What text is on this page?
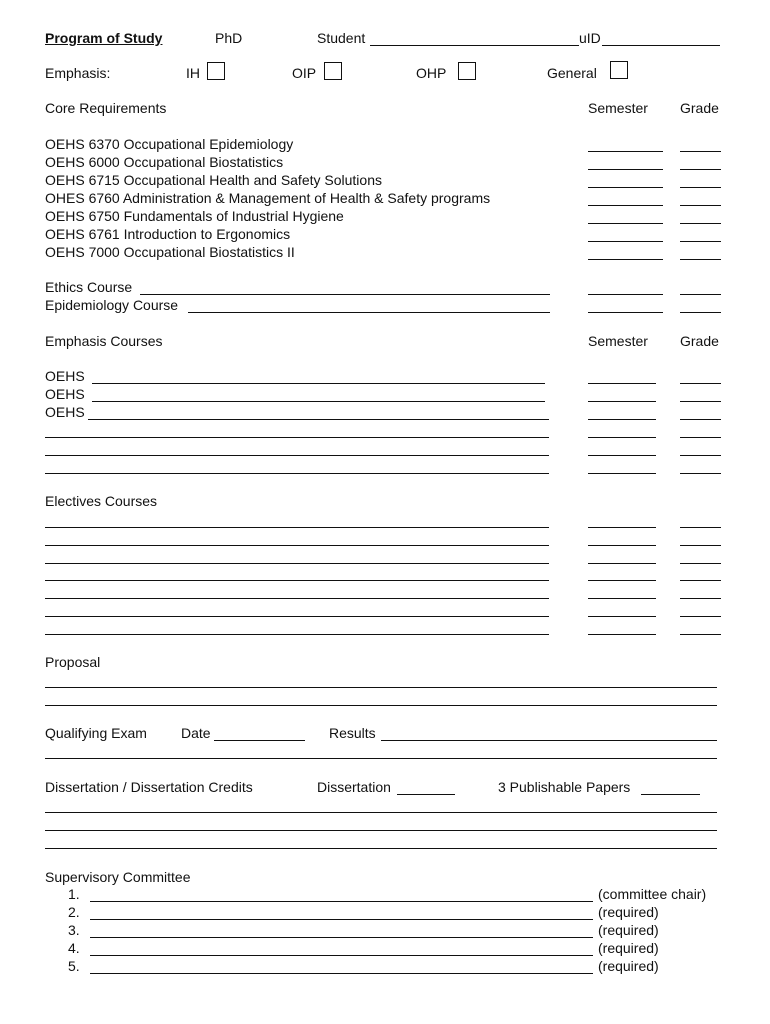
Program of Study	PhD	Student	uID
Emphasis:	IH	OIP	OHP	General
Core Requirements	Semester Grade
OEHS 6370 Occupational Epidemiology
OEHS 6000 Occupational Biostatistics
OEHS 6715 Occupational Health and Safety Solutions
OHES 6760 Administration & Management of Health & Safety programs
OEHS 6750 Fundamentals of Industrial Hygiene
OEHS 6761 Introduction to Ergonomics
OEHS 7000 Occupational Biostatistics II
Ethics Course
Epidemiology Course
Emphasis Courses	Semester Grade
OEHS
OEHS
OEHS
Electives Courses
Proposal
Qualifying Exam Date	Results
Dissertation / Dissertation Credits	Dissertation	3 Publishable Papers
Supervisory Committee
1.	(committee chair)
2.	(required)
3.	(required)
4.	(required)
5.	(required)
